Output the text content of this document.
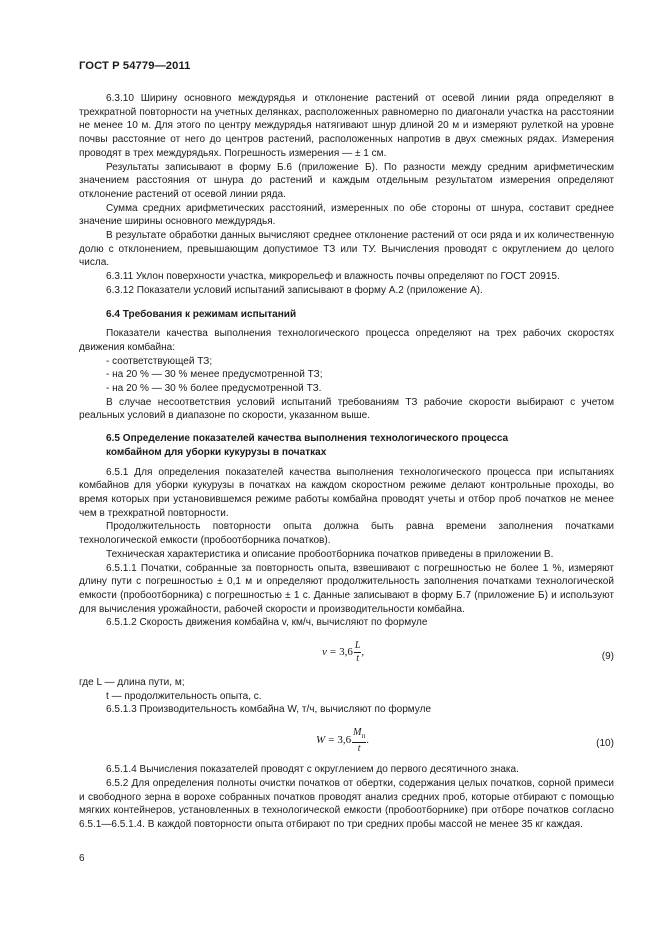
ГОСТ Р 54779—2011

6.3.10 Ширину основного междурядья и отклонение растений от осевой линии ряда определяют в трехкратной повторности на учетных делянках, расположенных равномерно по диагонали участка на расстоянии не менее 10 м. Для этого по центру междурядья натягивают шнур длиной 20 м и измеряют рулеткой на уровне почвы расстояние от него до центров растений, расположенных напротив в двух смежных рядах. Измерения проводят в трех междурядьях. Погрешность измерения — ± 1 см.

Результаты записывают в форму Б.6 (приложение Б). По разности между средним арифметическим значением расстояния от шнура до растений и каждым отдельным результатом измерения определяют отклонение растений от осевой линии ряда.

Сумма средних арифметических расстояний, измеренных по обе стороны от шнура, составит среднее значение ширины основного междурядья.

В результате обработки данных вычисляют среднее отклонение растений от оси ряда и их количественную долю с отклонением, превышающим допустимое ТЗ или ТУ. Вычисления проводят с округлением до целого числа.

6.3.11 Уклон поверхности участка, микрорельеф и влажность почвы определяют по ГОСТ 20915.

6.3.12 Показатели условий испытаний записывают в форму А.2 (приложение А).

6.4 Требования к режимам испытаний

Показатели качества выполнения технологического процесса определяют на трех рабочих скоростях движения комбайна:

- соответствующей ТЗ;

- на 20 % — 30 % менее предусмотренной ТЗ;

- на 20 % — 30 % более предусмотренной ТЗ.

В случае несоответствия условий испытаний требованиям ТЗ рабочие скорости выбирают с учетом реальных условий в диапазоне по скорости, указанном выше.

6.5 Определение показателей качества выполнения технологического процесса
комбайном для уборки кукурузы в початках

6.5.1 Для определения показателей качества выполнения технологического процесса при испытаниях комбайнов для уборки кукурузы в початках на каждом скоростном режиме делают контрольные проходы, во время которых при установившемся режиме работы комбайна проводят учеты и отбор проб початков не менее чем в трехкратной повторности.

Продолжительность повторности опыта должна быть равна времени заполнения початками технологической емкости (пробоотборника початков).

Техническая характеристика и описание пробоотборника початков приведены в приложении В.

6.5.1.1 Початки, собранные за повторность опыта, взвешивают с погрешностью не более 1 %, измеряют длину пути с погрешностью ± 0,1 м и определяют продолжительность заполнения початками технологической емкости (пробоотборника) с погрешностью ± 1 с. Данные записывают в форму Б.7 (приложение Б) и используют для вычисления урожайности, рабочей скорости и производительности комбайна.

6.5.1.2 Скорость движения комбайна v, км/ч, вычисляют по формуле

$v = 3,6 \frac{L}{t}$ ,	(9)

где L — длина пути, м;

t — продолжительность опыта, с.

6.5.1.3 Производительность комбайна W, т/ч, вычисляют по формуле

$W = 3,6 \frac{M_п}{t}$ .	(10)

6.5.1.4 Вычисления показателей проводят с округлением до первого десятичного знака.

6.5.2 Для определения полноты очистки початков от обертки, содержания целых початков, сорной примеси и свободного зерна в ворохе собранных початков проводят анализ средних проб, которые отбирают с помощью мягких контейнеров, установленных в технологической емкости (пробоотборнике) при отборе початков согласно 6.5.1—6.5.1.4. В каждой повторности опыта отбирают по три средних пробы массой не менее 35 кг каждая.

6
